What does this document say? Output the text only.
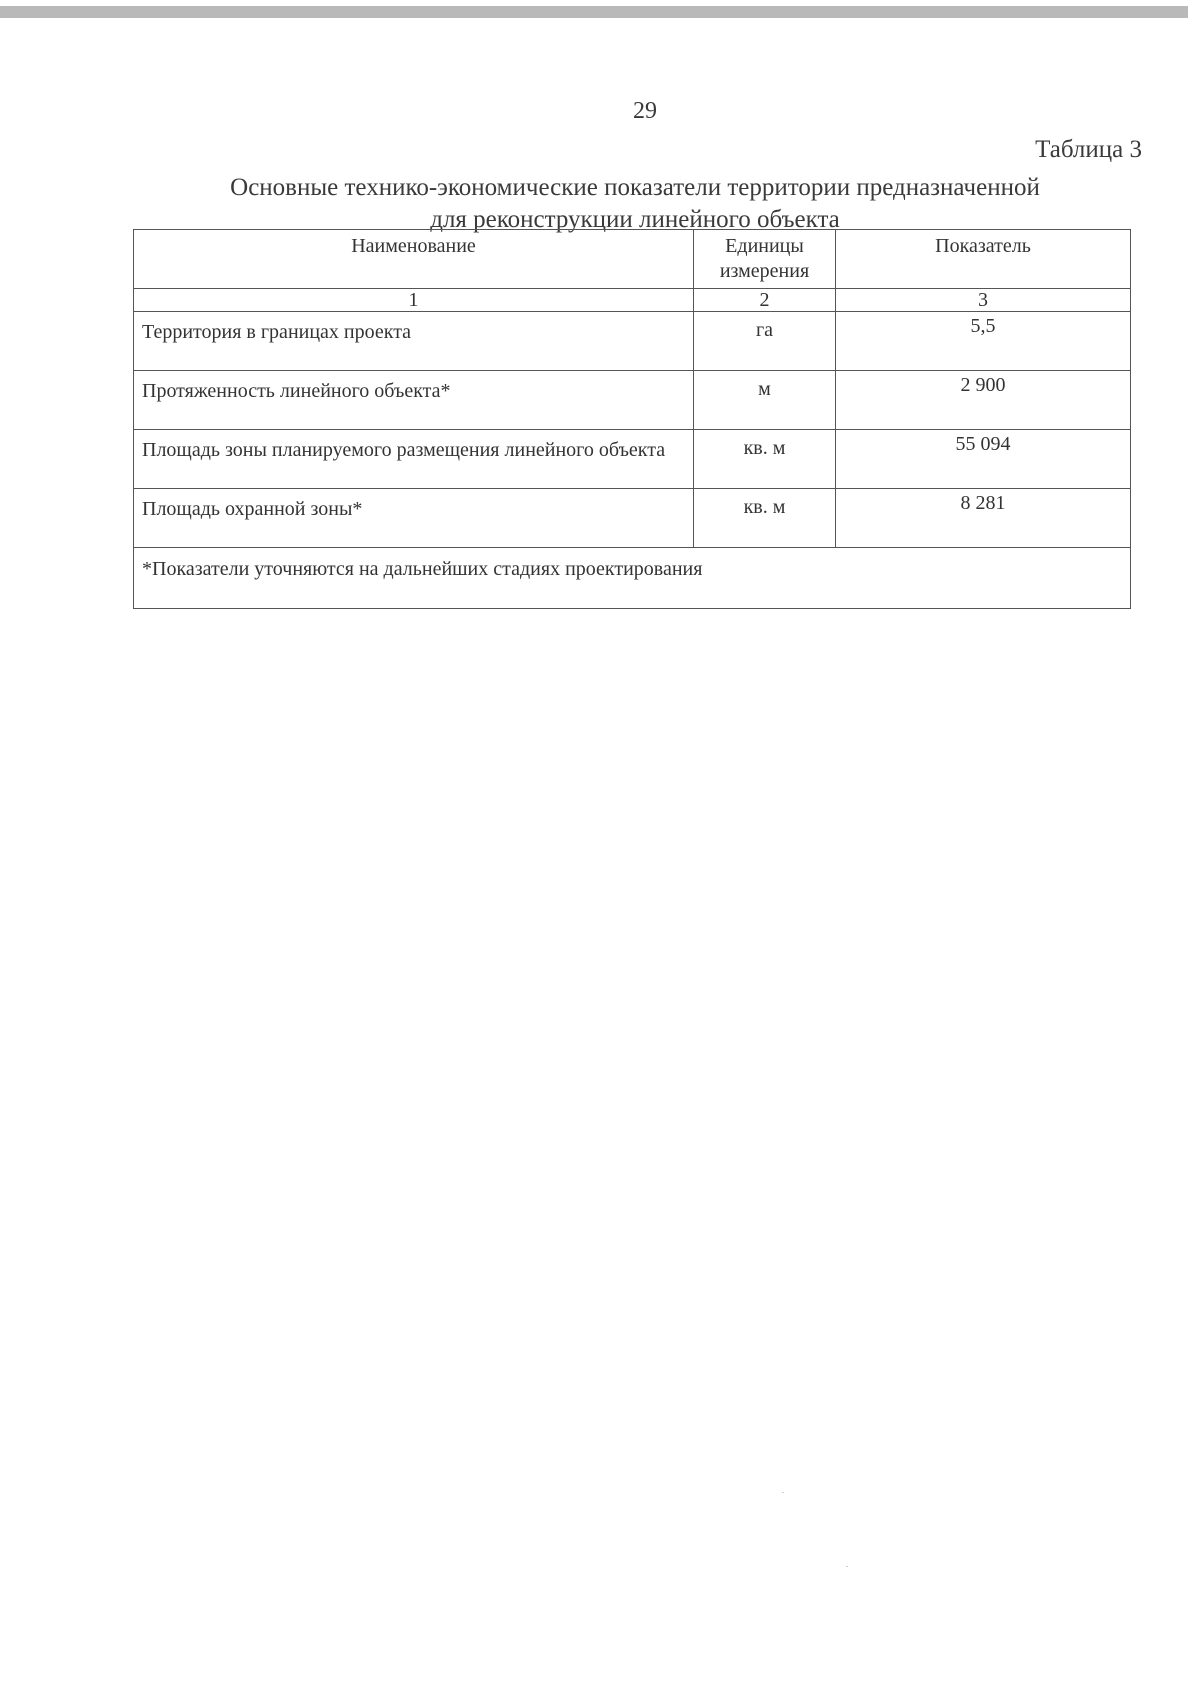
29
Таблица 3
Основные технико-экономические показатели территории предназначенной
для реконструкции линейного объекта
Наименование	Единицы измерения	Показатель
1	2	3
Территория в границах проекта	га	5,5
Протяженность линейного объекта*	м	2 900
Площадь зоны планируемого размещения линейного объекта	кв. м	55 094
Площадь охранной зоны*	кв. м	8 281
*Показатели уточняются на дальнейших стадиях проектирования		
